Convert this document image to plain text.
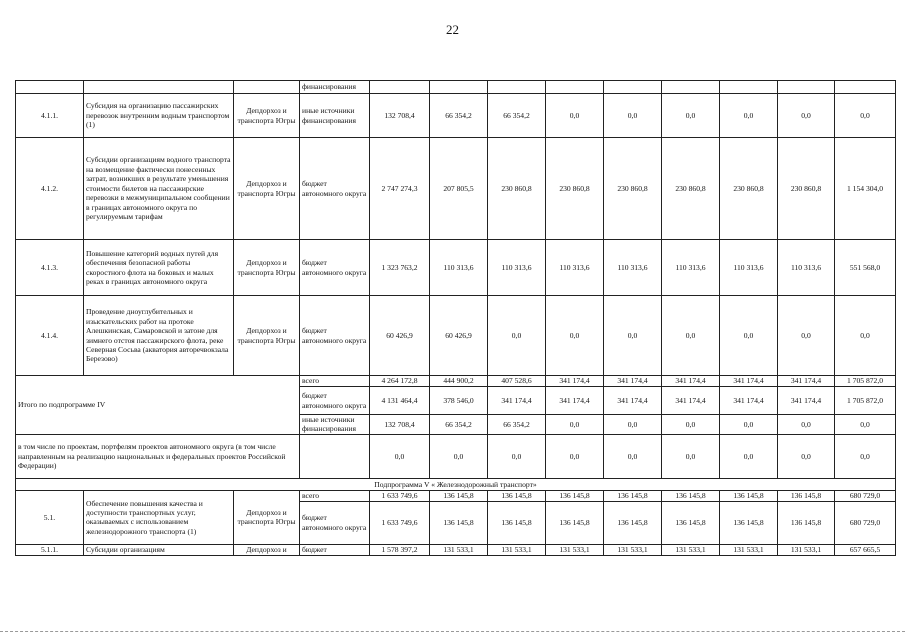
22
			финансирования									
4.1.1.	Субсидия на организацию пассажирских перевозок внутренним водным транспортом (1)	Депдорхоз и транспорта Югры	иные источники финансирования	132 708,4	66 354,2	66 354,2	0,0	0,0	0,0	0,0	0,0	0,0
4.1.2.	Субсидии организациям водного транспорта на возмещение фактически понесенных затрат, возникших в результате уменьшения стоимости билетов на пассажирские перевозки в межмуниципальном сообщении в границах автономного округа по регулируемым тарифам	Депдорхоз и транспорта Югры	бюджет автономного округа	2 747 274,3	207 805,5	230 860,8	230 860,8	230 860,8	230 860,8	230 860,8	230 860,8	1 154 304,0
4.1.3.	Повышение категорий водных путей для обеспечения безопасной работы скоростного флота на боковых и малых реках в границах автономного округа	Депдорхоз и транспорта Югры	бюджет автономного округа	1 323 763,2	110 313,6	110 313,6	110 313,6	110 313,6	110 313,6	110 313,6	110 313,6	551 568,0
4.1.4.	Проведение дноуглубительных и изыскательских работ на протоке Алешкинская, Самаровской и затоне для зимнего отстоя пассажирского флота, реке Северная Сосьва (акватория автоpечвокзала Березово)	Депдорхоз и транспорта Югры	бюджет автономного округа	60 426,9	60 426,9	0,0	0,0	0,0	0,0	0,0	0,0	0,0
Итого по подпрограмме IV			всего	4 264 172,8	444 900,2	407 528,6	341 174,4	341 174,4	341 174,4	341 174,4	341 174,4	1 705 872,0
			бюджет автономного округа	4 131 464,4	378 546,0	341 174,4	341 174,4	341 174,4	341 174,4	341 174,4	341 174,4	1 705 872,0
			иные источники финансирования	132 708,4	66 354,2	66 354,2	0,0	0,0	0,0	0,0	0,0	0,0
в том числе по проектам, портфелям проектов автономного округа (в том числе направленным на реализацию национальных и федеральных проектов Российской Федерации)				0,0	0,0	0,0	0,0	0,0	0,0	0,0	0,0	0,0
Подпрограмма V « Железнодорожный транспорт»												
5.1.	Обеспечение повышения качества и доступности транспортных услуг, оказываемых с использованием железнодорожного транспорта (1)	Депдорхоз и транспорта Югры	всего	1 633 749,6	136 145,8	136 145,8	136 145,8	136 145,8	136 145,8	136 145,8	136 145,8	680 729,0
			бюджет автономного округа	1 633 749,6	136 145,8	136 145,8	136 145,8	136 145,8	136 145,8	136 145,8	136 145,8	680 729,0
5.1.1.	Субсидии организациям	Депдорхоз и	бюджет	1 578 397,2	131 533,1	131 533,1	131 533,1	131 533,1	131 533,1	131 533,1	131 533,1	657 665,5
